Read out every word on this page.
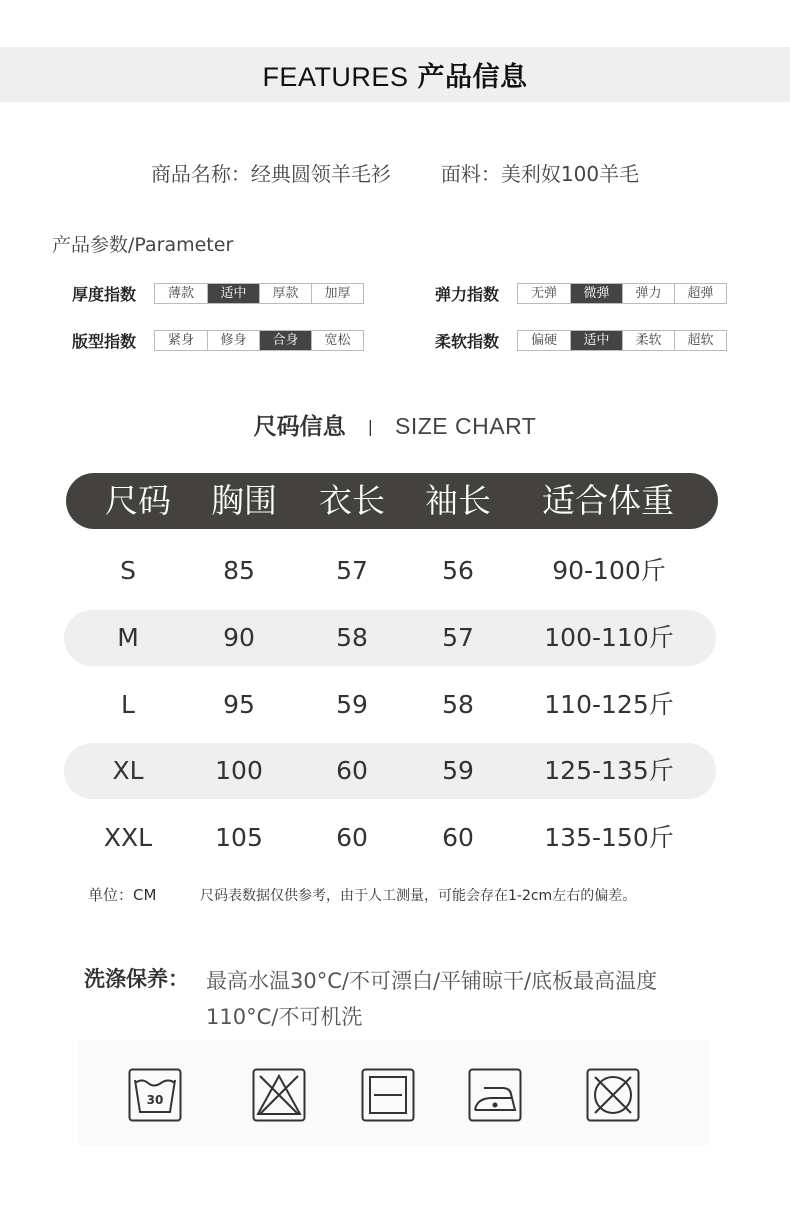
FEATURES 产品信息
商品名称：经典圆领羊毛衫	面料：美利奴100羊毛
产品参数/Parameter
厚度指数	薄款	适中	厚款	加厚	弹力指数	无弹	微弹	弹力	超弹
版型指数	紧身	修身	合身	宽松	柔软指数	偏硬	适中	柔软	超软
尺码信息 | SIZE CHART
尺码	胸围	衣长	袖长	适合体重
S	85	57	56	90-100斤
M	90	58	57	100-110斤
L	95	59	58	110-125斤
XL	100	60	59	125-135斤
XXL	105	60	60	135-150斤
单位：CM	尺码表数据仅供参考，由于人工测量，可能会存在1-2cm左右的偏差。
洗涤保养： 最高水温30°C/不可漂白/平铺晾干/底板最高温度
110°C/不可机洗
30
